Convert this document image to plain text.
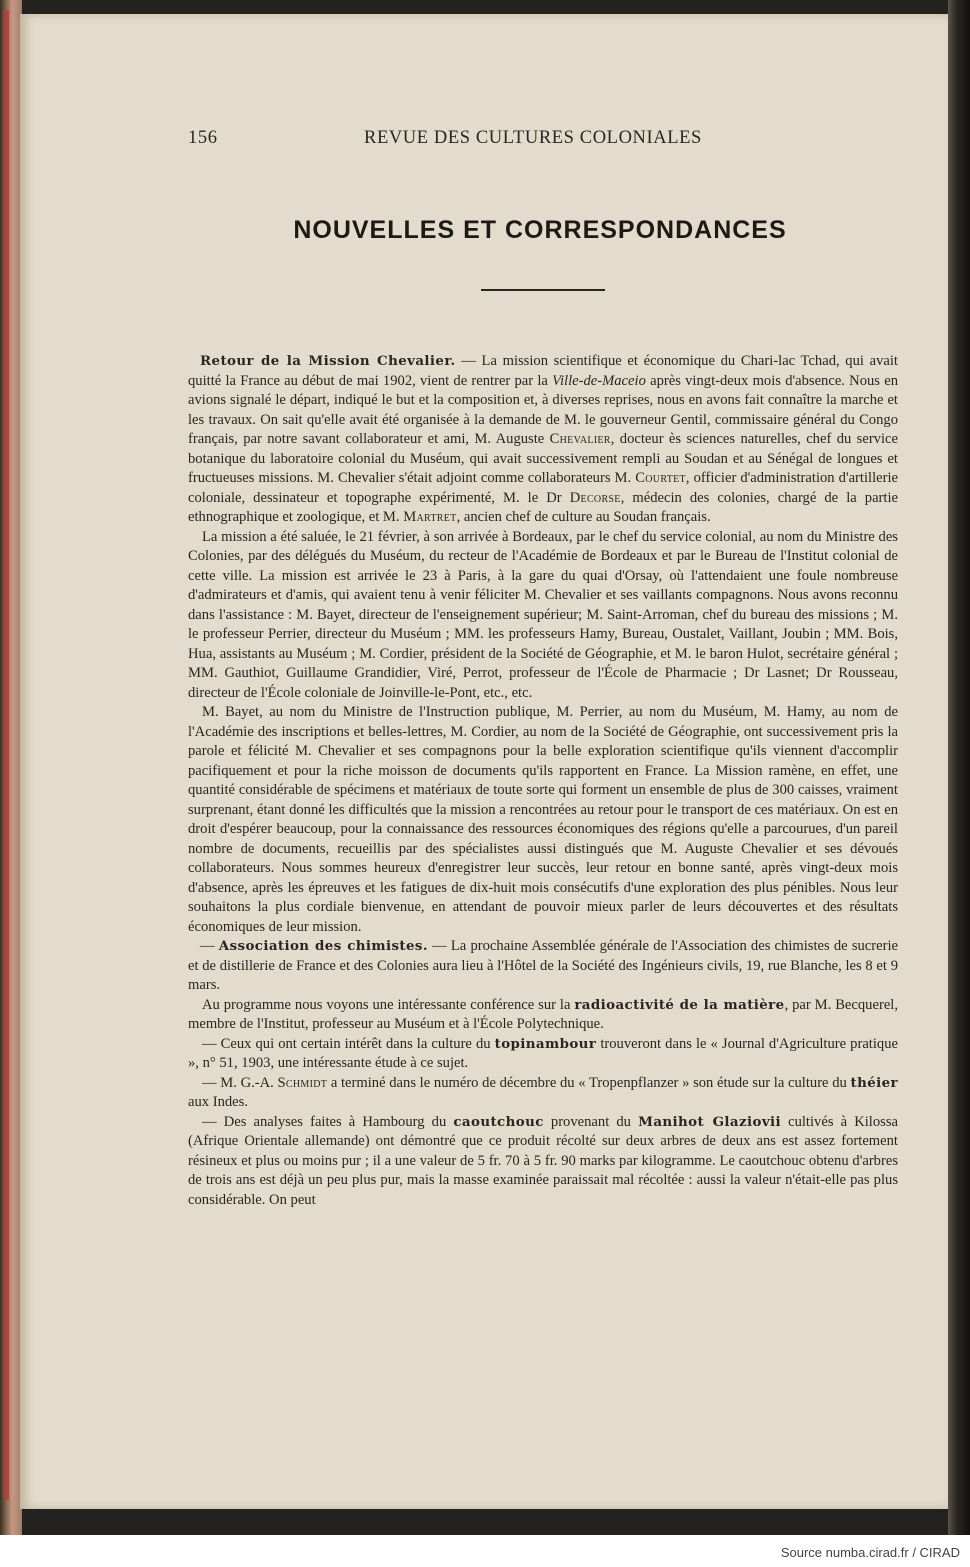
156	REVUE DES CULTURES COLONIALES
NOUVELLES ET CORRESPONDANCES

Retour de la Mission Chevalier. — La mission scientifique et économique du Chari-lac Tchad, qui avait quitté la France au début de mai 1902, vient de rentrer par la Ville-de-Maceio après vingt-deux mois d'absence. Nous en avions signalé le départ, indiqué le but et la composition et, à diverses reprises, nous en avons fait connaître la marche et les travaux. On sait qu'elle avait été organisée à la demande de M. le gouverneur Gentil, commissaire général du Congo français, par notre savant collaborateur et ami, M. Auguste Chevalier, docteur ès sciences naturelles, chef du service botanique du laboratoire colonial du Muséum, qui avait successivement rempli au Soudan et au Sénégal de longues et fructueuses missions. M. Chevalier s'était adjoint comme collaborateurs M. Courtet, officier d'administration d'artillerie coloniale, dessinateur et topographe expérimenté, M. le Dr Decorse, médecin des colonies, chargé de la partie ethnographique et zoologique, et M. Martret, ancien chef de culture au Soudan français.

La mission a été saluée, le 21 février, à son arrivée à Bordeaux, par le chef du service colonial, au nom du Ministre des Colonies, par des délégués du Muséum, du recteur de l'Académie de Bordeaux et par le Bureau de l'Institut colonial de cette ville. La mission est arrivée le 23 à Paris, à la gare du quai d'Orsay, où l'attendaient une foule nombreuse d'admirateurs et d'amis, qui avaient tenu à venir féliciter M. Chevalier et ses vaillants compagnons. Nous avons reconnu dans l'assistance : M. Bayet, directeur de l'enseignement supérieur; M. Saint-Arroman, chef du bureau des missions ; M. le professeur Perrier, directeur du Muséum ; MM. les professeurs Hamy, Bureau, Oustalet, Vaillant, Joubin ; MM. Bois, Hua, assistants au Muséum ; M. Cordier, président de la Société de Géographie, et M. le baron Hulot, secrétaire général ; MM. Gauthiot, Guillaume Grandidier, Viré, Perrot, professeur de l'École de Pharmacie ; Dr Lasnet; Dr Rousseau, directeur de l'École coloniale de Joinville-le-Pont, etc., etc.

M. Bayet, au nom du Ministre de l'Instruction publique, M. Perrier, au nom du Muséum, M. Hamy, au nom de l'Académie des inscriptions et belles-lettres, M. Cordier, au nom de la Société de Géographie, ont successivement pris la parole et félicité M. Chevalier et ses compagnons pour la belle exploration scientifique qu'ils viennent d'accomplir pacifiquement et pour la riche moisson de documents qu'ils rapportent en France. La Mission ramène, en effet, une quantité considérable de spécimens et matériaux de toute sorte qui forment un ensemble de plus de 300 caisses, vraiment surprenant, étant donné les difficultés que la mission a rencontrées au retour pour le transport de ces matériaux. On est en droit d'espérer beaucoup, pour la connaissance des ressources économiques des régions qu'elle a parcourues, d'un pareil nombre de documents, recueillis par des spécialistes aussi distingués que M. Auguste Chevalier et ses dévoués collaborateurs. Nous sommes heureux d'enregistrer leur succès, leur retour en bonne santé, après vingt-deux mois d'absence, après les épreuves et les fatigues de dix-huit mois consécutifs d'une exploration des plus pénibles. Nous leur souhaitons la plus cordiale bienvenue, en attendant de pouvoir mieux parler de leurs découvertes et des résultats économiques de leur mission.

— Association des chimistes. — La prochaine Assemblée générale de l'Association des chimistes de sucrerie et de distillerie de France et des Colonies aura lieu à l'Hôtel de la Société des Ingénieurs civils, 19, rue Blanche, les 8 et 9 mars.

Au programme nous voyons une intéressante conférence sur la radioactivité de la matière, par M. Becquerel, membre de l'Institut, professeur au Muséum et à l'École Polytechnique.

— Ceux qui ont certain intérêt dans la culture du topinambour trouveront dans le « Journal d'Agriculture pratique », n° 51, 1903, une intéressante étude à ce sujet.

— M. G.-A. Schmidt a terminé dans le numéro de décembre du « Tropenpflanzer » son étude sur la culture du théier aux Indes.

— Des analyses faites à Hambourg du caoutchouc provenant du Manihot Glaziovii cultivés à Kilossa (Afrique Orientale allemande) ont démontré que ce produit récolté sur deux arbres de deux ans est assez fortement résineux et plus ou moins pur ; il a une valeur de 5 fr. 70 à 5 fr. 90 marks par kilogramme. Le caoutchouc obtenu d'arbres de trois ans est déjà un peu plus pur, mais la masse examinée paraissait mal récoltée : aussi la valeur n'était-elle pas plus considérable. On peut

Source numba.cirad.fr / CIRAD
